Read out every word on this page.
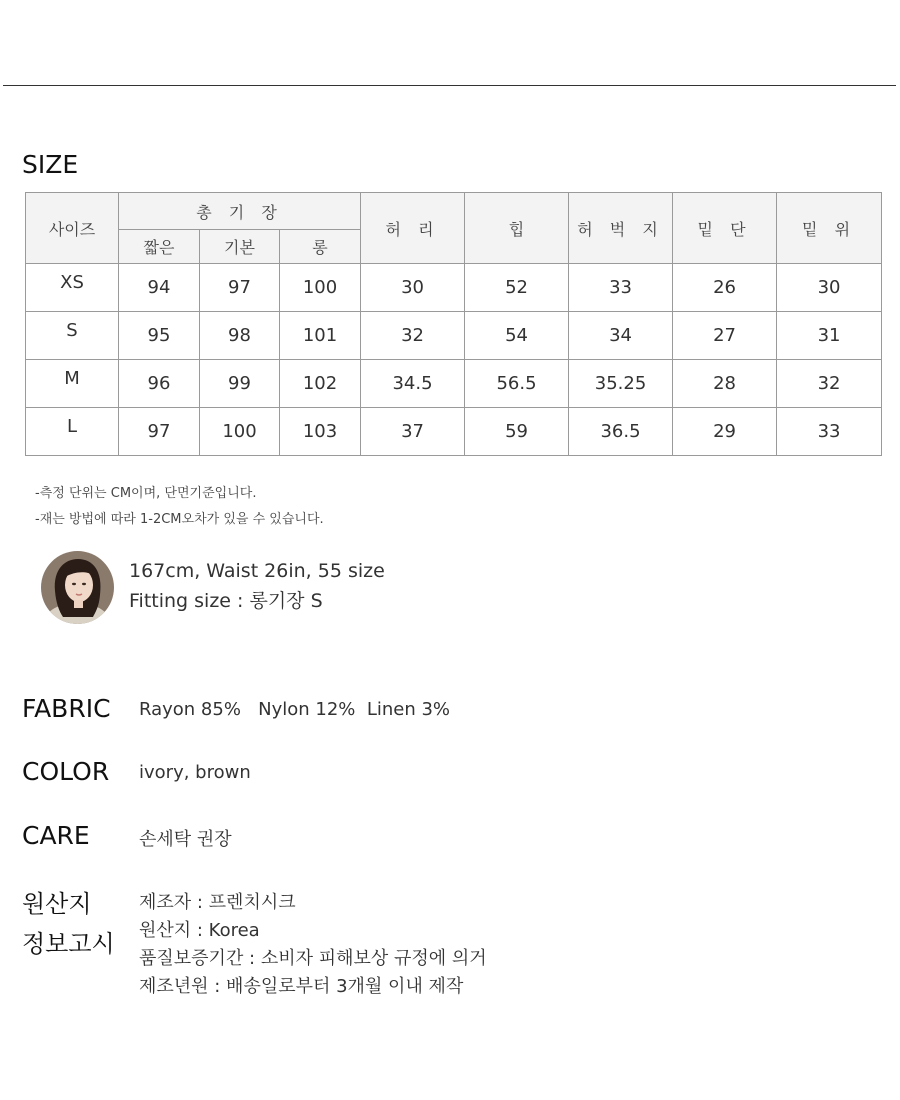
SIZE
사이즈	총 기 장			허 리	힙	허 벅 지	밑 단	밑 위
	짧은	기본	롱					
XS	94	97	100	30	52	33	26	30
S	95	98	101	32	54	34	27	31
M	96	99	102	34.5	56.5	35.25	28	32
L	97	100	103	37	59	36.5	29	33
-측정 단위는 CM이며, 단면기준입니다.
-재는 방법에 따라 1-2CM오차가 있을 수 있습니다.
167cm, Waist 26in, 55 size
Fitting size : 롱기장 S
FABRIC Rayon 85%   Nylon 12%  Linen 3%
COLOR ivory, brown
CARE	손세탁 권장
원산지
정보고시
제조자 : 프렌치시크
원산지 : Korea
품질보증기간 : 소비자 피해보상 규정에 의거
제조년원 : 배송일로부터 3개월 이내 제작
